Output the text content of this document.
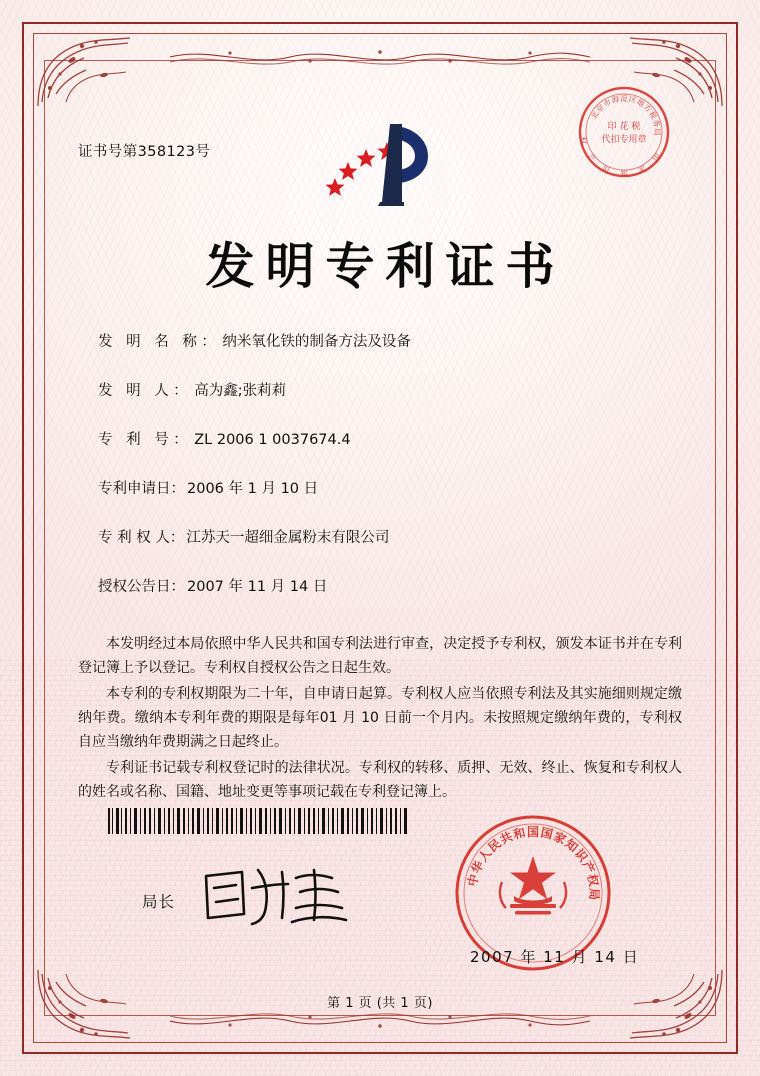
证书号第358123号
北
京
市
海 淀 区
地
方
税
务
局
印 花 税
代扣专用章
国
家
知
识
产
权
发明专利证书
发 明 名 称： 纳米氧化铁的制备方法及设备
发 明 人： 高为鑫;张莉莉
专 利 号： ZL 2006 1 0037674.4
专利申请日： 2006 年 1 月 10 日
专 利 权 人： 江苏天一超细金属粉末有限公司
授权公告日： 2007 年 11 月 14 日

本发明经过本局依照中华人民共和国专利法进行审查，决定授予专利权，颁发本证书并在专利登记簿上予以登记。专利权自授权公告之日起生效。

本专利的专利权期限为二十年，自申请日起算。专利权人应当依照专利法及其实施细则规定缴纳年费。缴纳本专利年费的期限是每年01 月 10 日前一个月内。未按照规定缴纳年费的，专利权自应当缴纳年费期满之日起终止。

专利证书记载专利权登记时的法律状况。专利权的转移、质押、无效、终止、恢复和专利权人的姓名或名称、国籍、地址变更等事项记载在专利登记簿上。

局长
中
华
人
民
共
和 国 国
家
知
识
产
权
局
2007 年 11 月 14 日
第 1 页 (共 1 页)
